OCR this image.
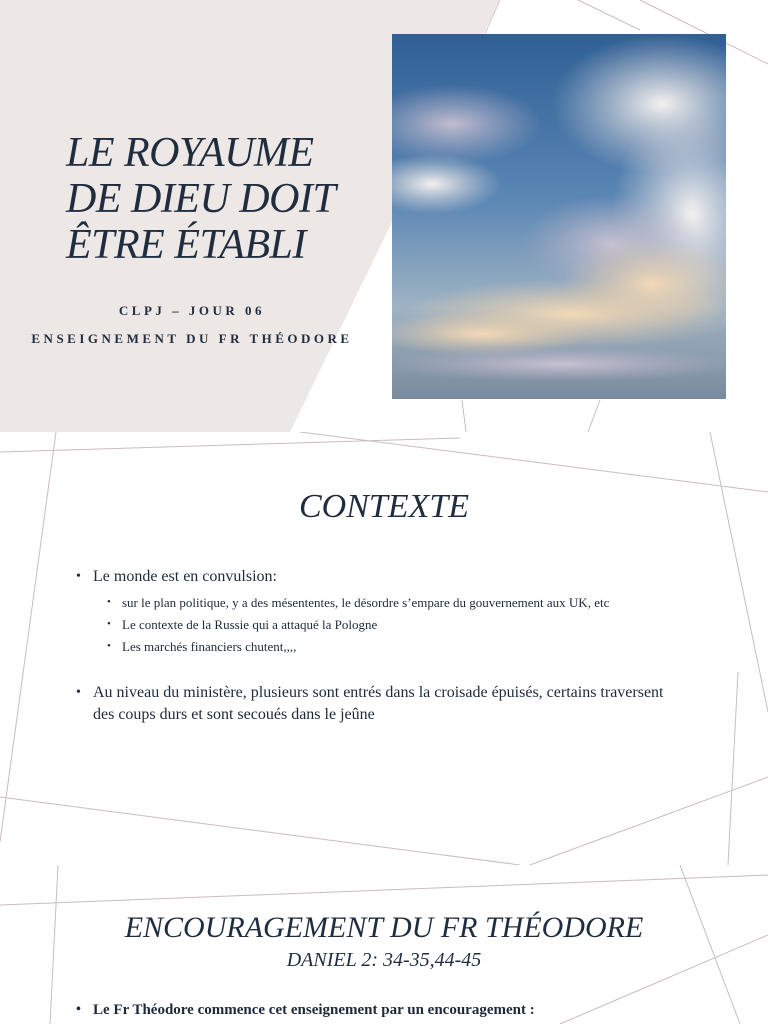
LE ROYAUME
DE DIEU DOIT
ÊTRE ÉTABLI

CLPJ – JOUR 06

ENSEIGNEMENT DU FR THÉODORE

CONTEXTE
• Le monde est en convulsion:
• sur le plan politique, y a des mésententes, le désordre s’empare du gouvernement aux UK, etc
• Le contexte de la Russie qui a attaqué la Pologne
• Les marchés financiers chutent,,,,
• Au niveau du ministère, plusieurs sont entrés dans la croisade épuisés, certains traversent des coups durs et sont secoués dans le jeûne
ENCOURAGEMENT DU FR THÉODORE
DANIEL 2: 34-35,44-45
• Le Fr Théodore commence cet enseignement par un encouragement :
